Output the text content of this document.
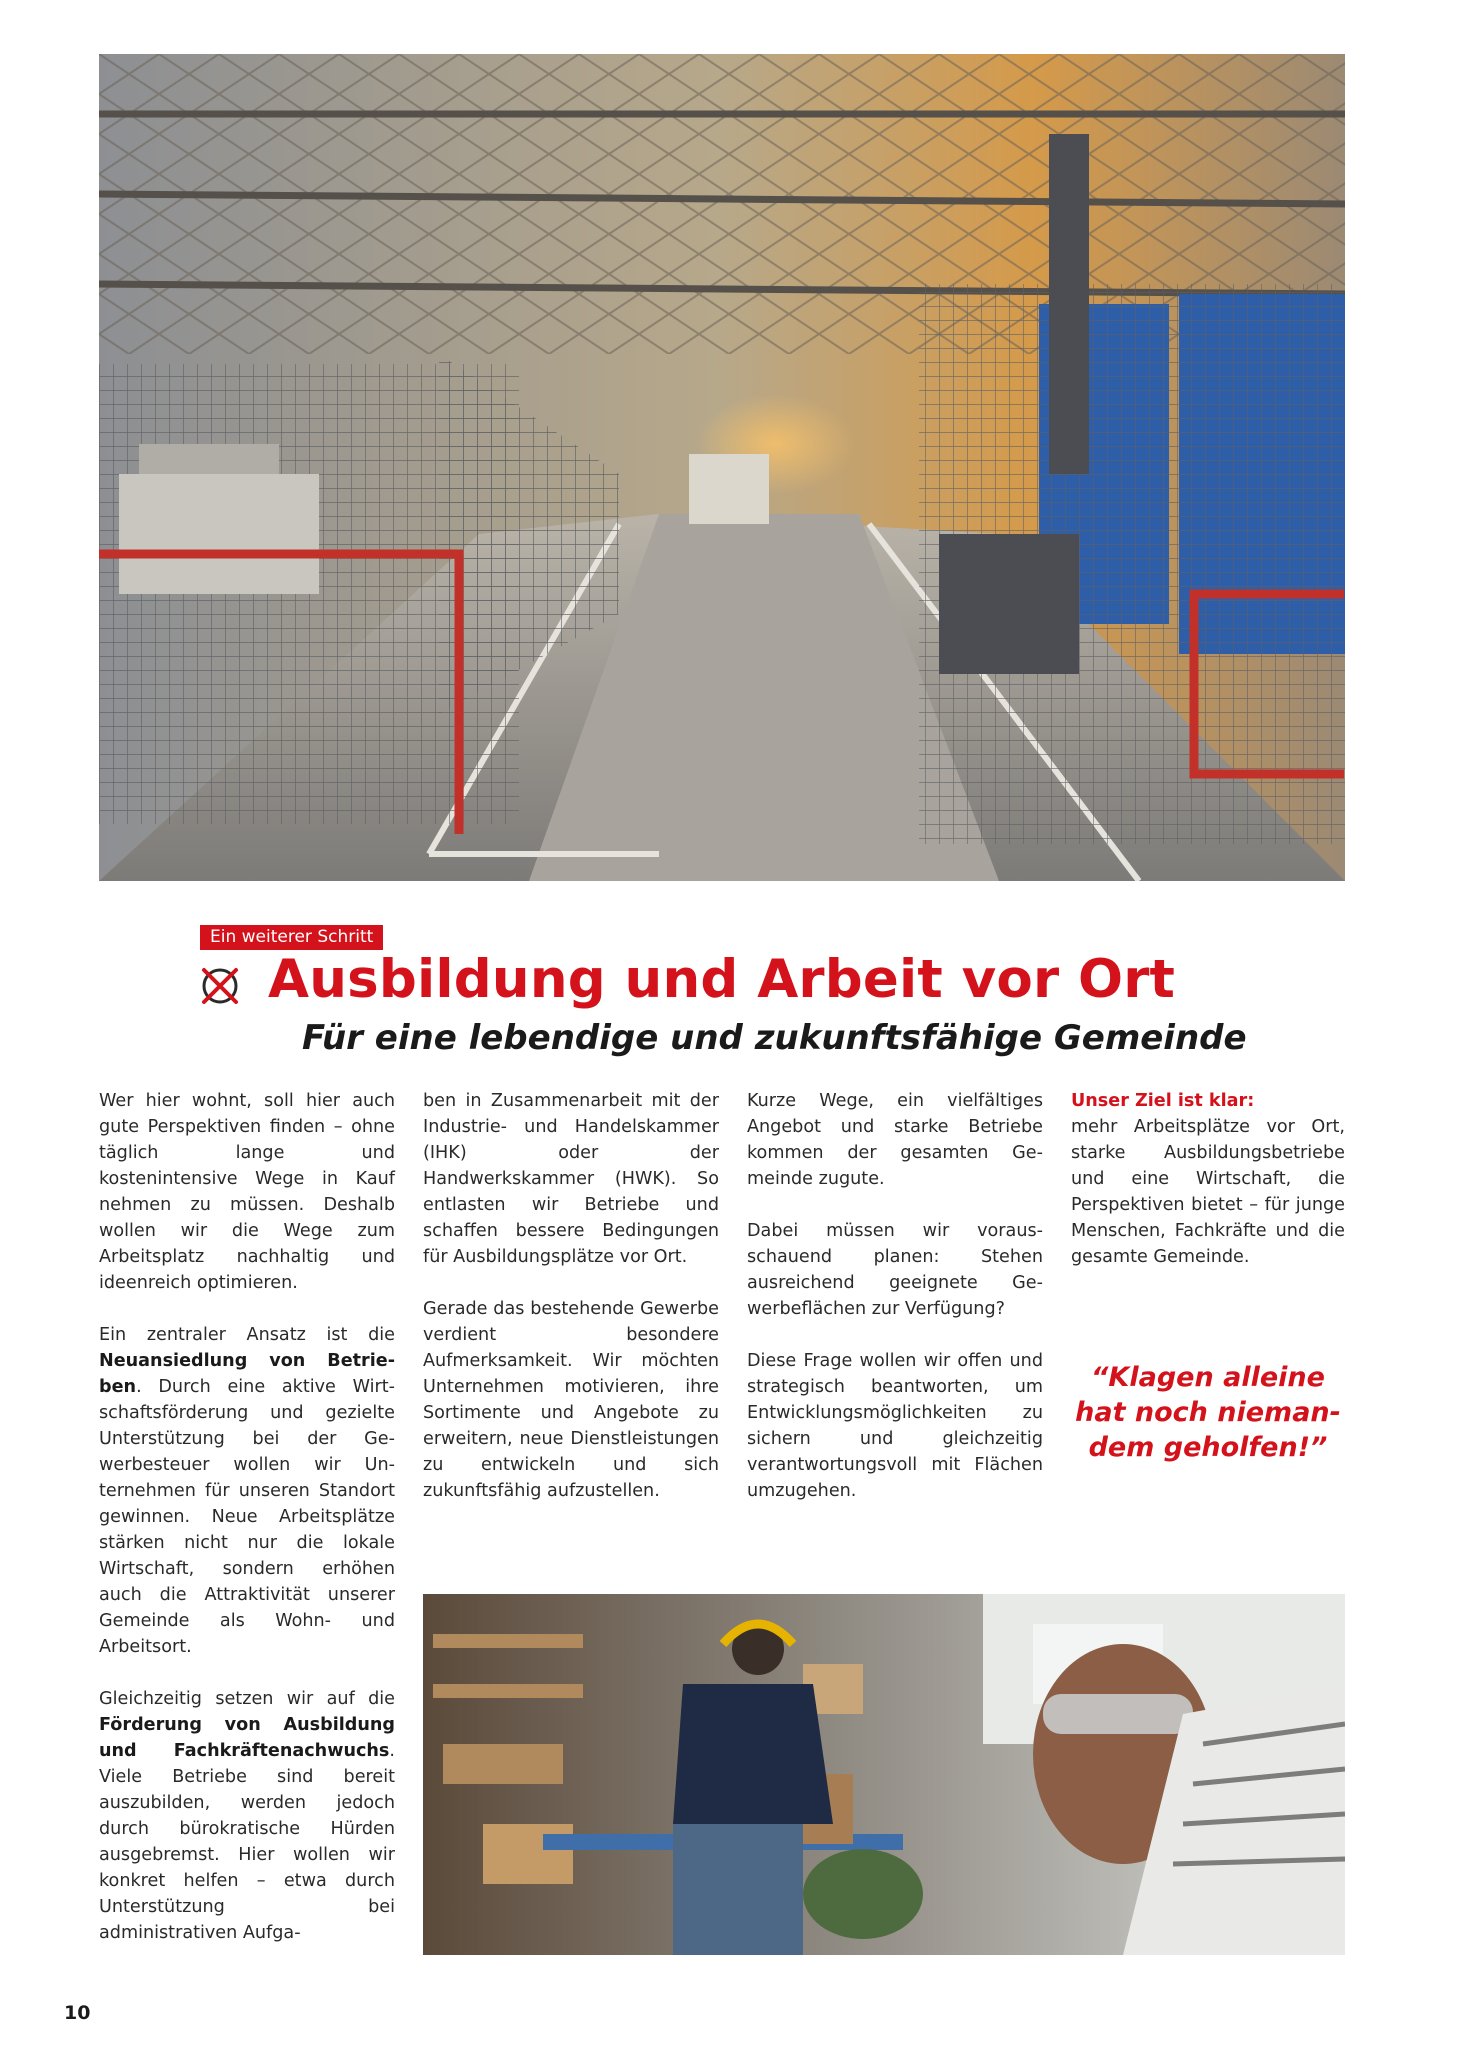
Ein weiterer Schritt
Ausbildung und Arbeit vor Ort
Für eine lebendige und zukunftsfähige Gemeinde

Wer hier wohnt, soll hier auch gute Perspektiven finden – ohne täglich lange und kostenintensive Wege in Kauf nehmen zu müssen. Deshalb wollen wir die Wege zum Arbeitsplatz nachhaltig und ideenreich optimieren.

Ein zentraler Ansatz ist die Neuansiedlung von Betrieben. Durch eine aktive Wirtschaftsförderung und gezielte Unterstützung bei der Gewerbesteuer wollen wir Unternehmen für unseren Standort gewinnen. Neue Arbeitsplätze stärken nicht nur die lokale Wirtschaft, sondern erhöhen auch die Attraktivität unserer Gemeinde als Wohn- und Arbeitsort.

Gleichzeitig setzen wir auf die Förderung von Ausbildung und Fachkräftenachwuchs. Viele Betriebe sind bereit auszubilden, werden jedoch durch bürokratische Hürden ausgebremst. Hier wollen wir konkret helfen – etwa durch Unterstützung bei administrativen Aufga-

ben in Zusammenarbeit mit der Industrie- und Handelskammer (IHK) oder der Handwerkskammer (HWK). So entlasten wir Betriebe und schaffen bessere Bedingungen für Ausbildungsplätze vor Ort.

Gerade das bestehende Gewerbe verdient besondere Aufmerksamkeit. Wir möchten Unternehmen motivieren, ihre Sortimente und Angebote zu erweitern, neue Dienstleistungen zu entwickeln und sich zukunftsfähig aufzustellen.

Kurze Wege, ein vielfältiges Angebot und starke Betriebe kommen der gesamten Gemeinde zugute.

Dabei müssen wir vorausschauend planen: Stehen ausreichend geeignete Gewerbeflächen zur Verfügung?

Diese Frage wollen wir offen und strategisch beantworten, um Entwicklungsmöglichkeiten zu sichern und gleichzeitig verantwortungsvoll mit Flächen umzugehen.

Unser Ziel ist klar:
mehr Arbeitsplätze vor Ort, starke Ausbildungsbetriebe und eine Wirtschaft, die Perspektiven bietet – für junge Menschen, Fachkräfte und die gesamte Gemeinde.

“Klagen alleine hat noch niemandem geholfen!”

10
